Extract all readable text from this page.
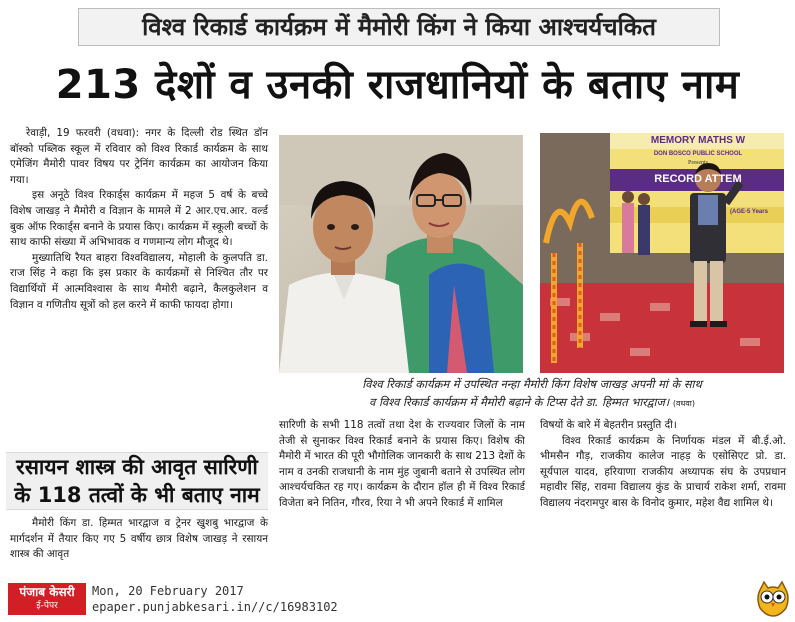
विश्व रिकार्ड कार्यक्रम में मैमोरी किंग ने किया आश्चर्यचकित
213 देशों व उनकी राजधानियों के बताए नाम

रेवाड़ी, 19 फरवरी (वधवा): नगर के दिल्ली रोड स्थित डॉन बॉस्को पब्लिक स्कूल में रविवार को विश्व रिकार्ड कार्यक्रम के साथ एमेजिंग मैमोरी पावर विषय पर ट्रेनिंग कार्यक्रम का आयोजन किया गया।

इस अनूठे विश्व रिकार्ड्स कार्यक्रम में महज 5 वर्ष के बच्चे विशेष जाखड़ ने मैमोरी व विज्ञान के मामले में 2 आर.एच.आर. वर्ल्ड बुक ऑफ रिकार्ड्स बनाने के प्रयास किए। कार्यक्रम में स्कूली बच्चों के साथ काफी संख्या में अभिभावक व गणमान्य लोग मौजूद थे।

मुख्यातिथि रैयत बाहरा विश्वविद्यालय, मोहाली के कुलपति डा. राज सिंह ने कहा कि इस प्रकार के कार्यक्रमों से निश्चित तौर पर विद्यार्थियों में आत्मविश्वास के साथ मैमोरी बढ़ाने, कैलकुलेशन व विज्ञान व गणितीय सूत्रों को हल करने में काफी फायदा होगा।

रसायन शास्त्र की आवृत सारिणी
के 118 तत्वों के भी बताए नाम

मैमोरी किंग डा. हिम्मत भारद्वाज व ट्रेनर खुशबु भारद्वाज के मार्गदर्शन में तैयार किए गए 5 वर्षीय छात्र विशेष जाखड़ ने रसायन शास्त्र की आवृत

MEMORY MATHS W
DON BOSCO PUBLIC SCHOOL
Presents
RECORD ATTEM
(AGE-5 Years
विश्व रिकार्ड कार्यक्रम में उपस्थित नन्हा मैमोरी किंग विशेष जाखड़ अपनी मां के साथ
व विश्व रिकार्ड कार्यक्रम में मैमोरी बढ़ाने के टिप्स देते डा. हिम्मत भारद्वाज। (वधवा)

सारिणी के सभी 118 तत्वों तथा देश के राज्यवार जिलों के नाम तेजी से सुनाकर विश्व रिकार्ड बनाने के प्रयास किए। विशेष की मैमोरी में भारत की पूरी भौगोलिक जानकारी के साथ 213 देशों के नाम व उनकी राजधानी के नाम मुंह जुबानी बताने से उपस्थित लोग आश्चर्यचकित रह गए। कार्यक्रम के दौरान हॉल ही में विश्व रिकार्ड विजेता बने नितिन, गौरव, रिया ने भी अपने रिकार्ड में शामिल

विषयों के बारे में बेहतरीन प्रस्तुति दी।

विश्व रिकार्ड कार्यक्रम के निर्णायक मंडल में बी.ई.ओ. भीमसैन गौड़, राजकीय कालेज नाहड़ के एसोसिएट प्रो. डा. सूर्यपाल यादव, हरियाणा राजकीय अध्यापक संघ के उपप्रधान महावीर सिंह, रावमा विद्यालय कुंड के प्राचार्य राकेश शर्मा, रावमा विद्यालय नंदरामपुर बास के विनोद कुमार, महेश वैद्य शामिल थे।

पंजाब केसरी
ई-पेपर
Mon, 20 February 2017
epaper.punjabkesari.in//c/16983102
